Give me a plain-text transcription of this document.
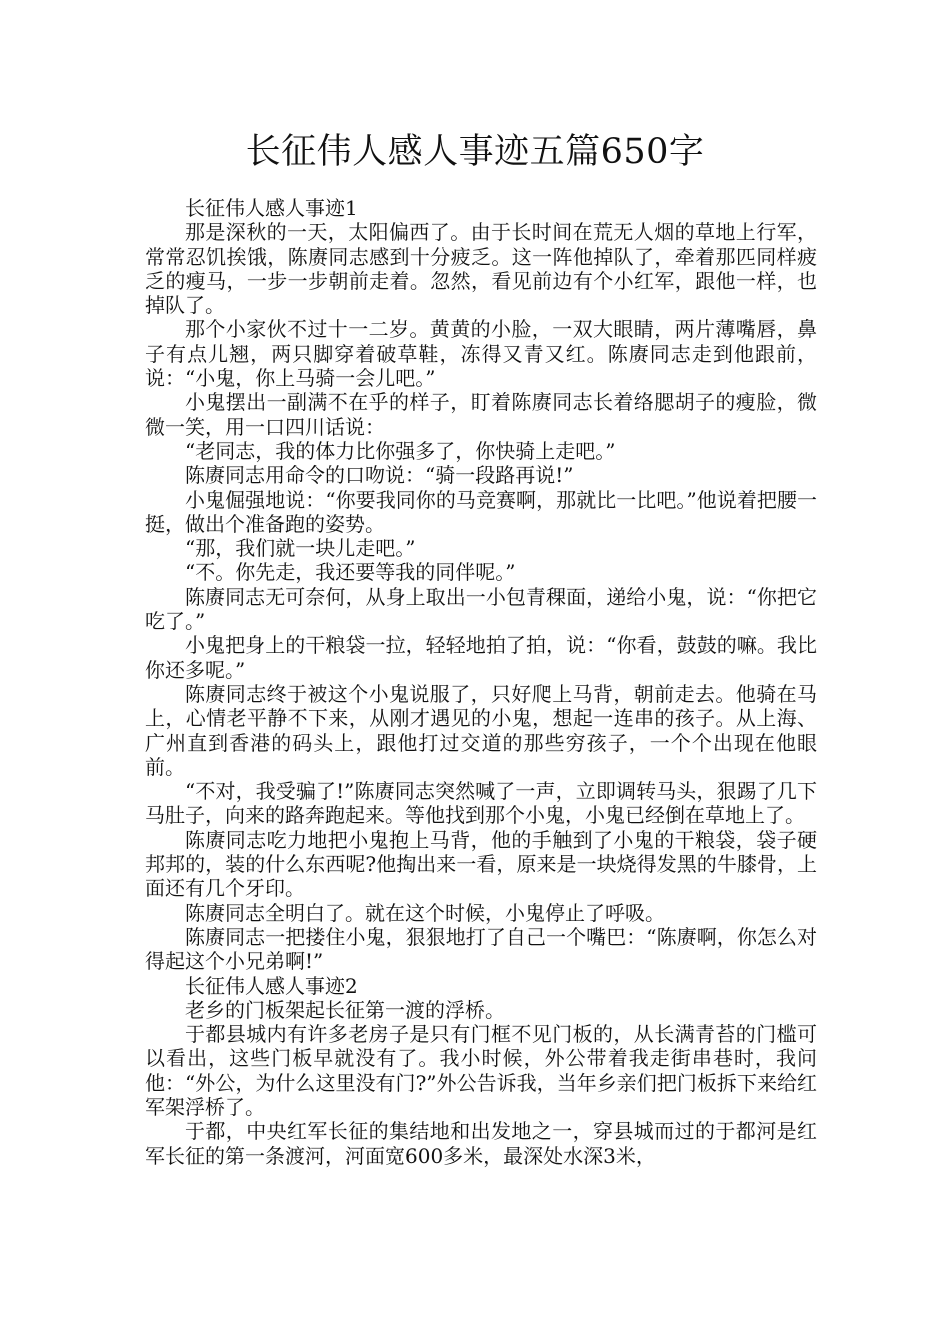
长征伟人感人事迹五篇650字

长征伟人感人事迹1

那是深秋的一天，太阳偏西了。由于长时间在荒无人烟的草地上行军，常常忍饥挨饿，陈赓同志感到十分疲乏。这一阵他掉队了，牵着那匹同样疲乏的瘦马，一步一步朝前走着。忽然，看见前边有个小红军，跟他一样，也掉队了。

那个小家伙不过十一二岁。黄黄的小脸，一双大眼睛，两片薄嘴唇，鼻子有点儿翘，两只脚穿着破草鞋，冻得又青又红。陈赓同志走到他跟前，说：“小鬼，你上马骑一会儿吧。”

小鬼摆出一副满不在乎的样子，盯着陈赓同志长着络腮胡子的瘦脸，微微一笑，用一口四川话说：

“老同志，我的体力比你强多了，你快骑上走吧。”

陈赓同志用命令的口吻说：“骑一段路再说!”

小鬼倔强地说：“你要我同你的马竞赛啊，那就比一比吧。”他说着把腰一挺，做出个准备跑的姿势。

“那，我们就一块儿走吧。”

“不。你先走，我还要等我的同伴呢。”

陈赓同志无可奈何，从身上取出一小包青稞面，递给小鬼，说：“你把它吃了。”

小鬼把身上的干粮袋一拉，轻轻地拍了拍，说：“你看，鼓鼓的嘛。我比你还多呢。”

陈赓同志终于被这个小鬼说服了，只好爬上马背，朝前走去。他骑在马上，心情老平静不下来，从刚才遇见的小鬼，想起一连串的孩子。从上海、广州直到香港的码头上，跟他打过交道的那些穷孩子，一个个出现在他眼前。

“不对，我受骗了!”陈赓同志突然喊了一声，立即调转马头，狠踢了几下马肚子，向来的路奔跑起来。等他找到那个小鬼，小鬼已经倒在草地上了。

陈赓同志吃力地把小鬼抱上马背，他的手触到了小鬼的干粮袋，袋子硬邦邦的，装的什么东西呢?他掏出来一看，原来是一块烧得发黑的牛膝骨，上面还有几个牙印。

陈赓同志全明白了。就在这个时候，小鬼停止了呼吸。

陈赓同志一把搂住小鬼，狠狠地打了自己一个嘴巴：“陈赓啊，你怎么对得起这个小兄弟啊!”

长征伟人感人事迹2

老乡的门板架起长征第一渡的浮桥。

于都县城内有许多老房子是只有门框不见门板的，从长满青苔的门槛可以看出，这些门板早就没有了。我小时候，外公带着我走街串巷时，我问他：“外公，为什么这里没有门?”外公告诉我，当年乡亲们把门板拆下来给红军架浮桥了。

于都，中央红军长征的集结地和出发地之一，穿县城而过的于都河是红军长征的第一条渡河，河面宽600多米，最深处水深3米，
